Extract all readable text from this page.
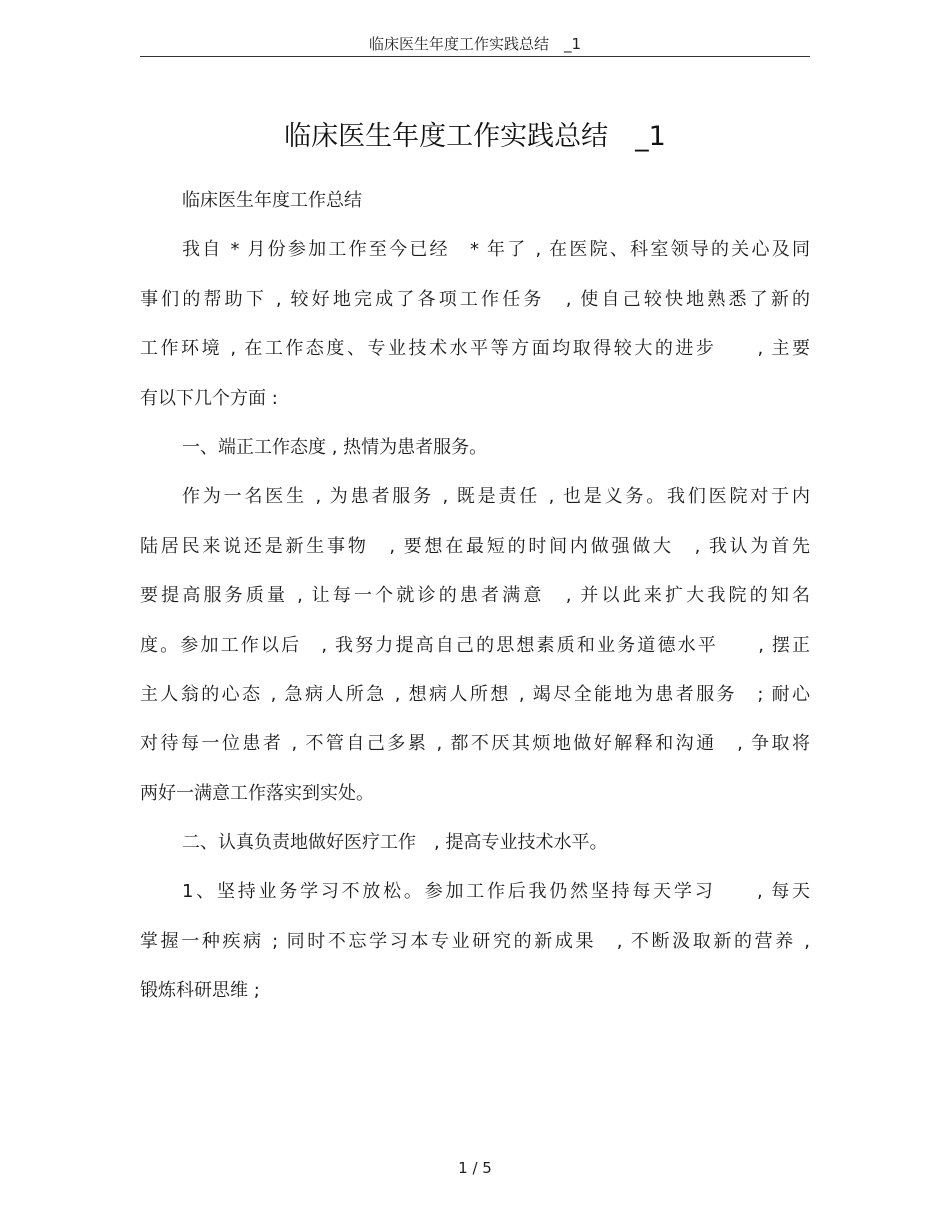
临床医生年度工作实践总结　_1
临床医生年度工作实践总结　_1
临床医生年度工作总结
我自 * 月份参加工作至今已经　* 年了 , 在医院、科室领导的关心及同
事们的帮助下 , 较好地完成了各项工作任务　, 使自己较快地熟悉了新的
工作环境 , 在工作态度、专业技术水平等方面均取得较大的进步　　, 主要
有以下几个方面 :
一、端正工作态度 , 热情为患者服务。
作为一名医生 , 为患者服务 , 既是责任 , 也是义务。我们医院对于内
陆居民来说还是新生事物　, 要想在最短的时间内做强做大　, 我认为首先
要提高服务质量 , 让每一个就诊的患者满意　, 并以此来扩大我院的知名
度。参加工作以后　, 我努力提高自己的思想素质和业务道德水平　　, 摆正
主人翁的心态 , 急病人所急 , 想病人所想 , 竭尽全能地为患者服务　; 耐心
对待每一位患者 , 不管自己多累 , 都不厌其烦地做好解释和沟通　, 争取将
两好一满意工作落实到实处。
二、认真负责地做好医疗工作　, 提高专业技术水平。
1、坚持业务学习不放松。参加工作后我仍然坚持每天学习　　, 每天
掌握一种疾病 ; 同时不忘学习本专业研究的新成果　, 不断汲取新的营养 ,
锻炼科研思维 ;
1 / 5
